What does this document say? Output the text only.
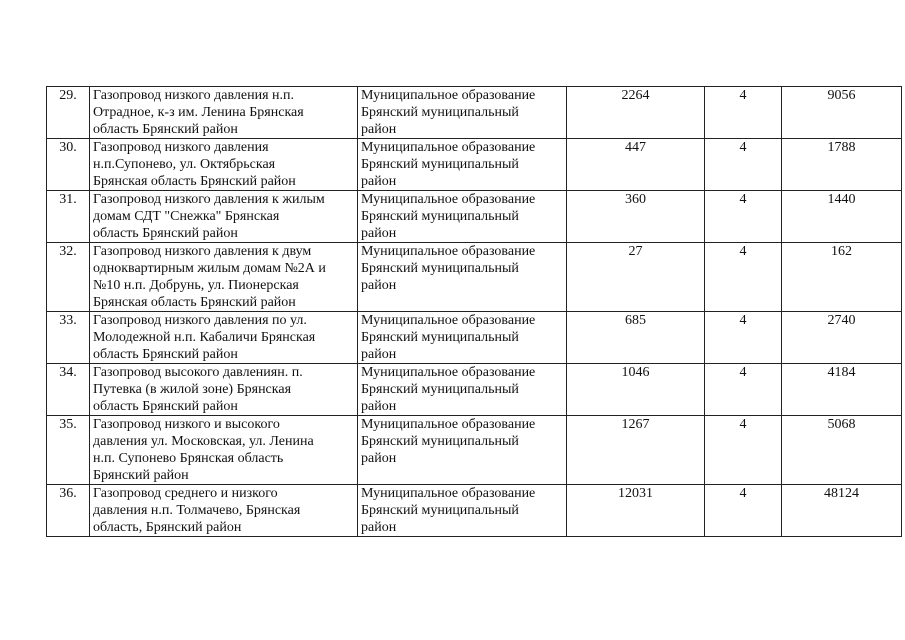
29.	Газопровод низкого давления н.п.
Отрадное, к-з им. Ленина Брянская
область Брянский район	Муниципальное образование
Брянский муниципальный
район	2264	4	9056

30.	Газопровод низкого давления
н.п.Супонево, ул. Октябрьская
Брянская область Брянский район	Муниципальное образование
Брянский муниципальный
район	447	4	1788

31.	Газопровод низкого давления к жилым
домам СДТ "Снежка" Брянская
область Брянский район	Муниципальное образование
Брянский муниципальный
район	360	4	1440

32.	Газопровод низкого давления к двум
одноквартирным жилым домам №2А и
№10 н.п. Добрунь, ул. Пионерская
Брянская область Брянский район	Муниципальное образование
Брянский муниципальный
район	27	4	162

33.	Газопровод низкого давления по ул.
Молодежной н.п. Кабаличи Брянская
область Брянский район	Муниципальное образование
Брянский муниципальный
район	685	4	2740

34.	Газопровод высокого давлениян. п.
Путевка (в жилой зоне) Брянская
область Брянский район	Муниципальное образование
Брянский муниципальный
район	1046	4	4184

35.	Газопровод низкого и высокого
давления ул. Московская, ул. Ленина
н.п. Супонево Брянская область
Брянский район	Муниципальное образование
Брянский муниципальный
район	1267	4	5068

36.	Газопровод среднего и низкого
давления н.п. Толмачево, Брянская
область, Брянский район	Муниципальное образование
Брянский муниципальный
район	12031	4	48124
